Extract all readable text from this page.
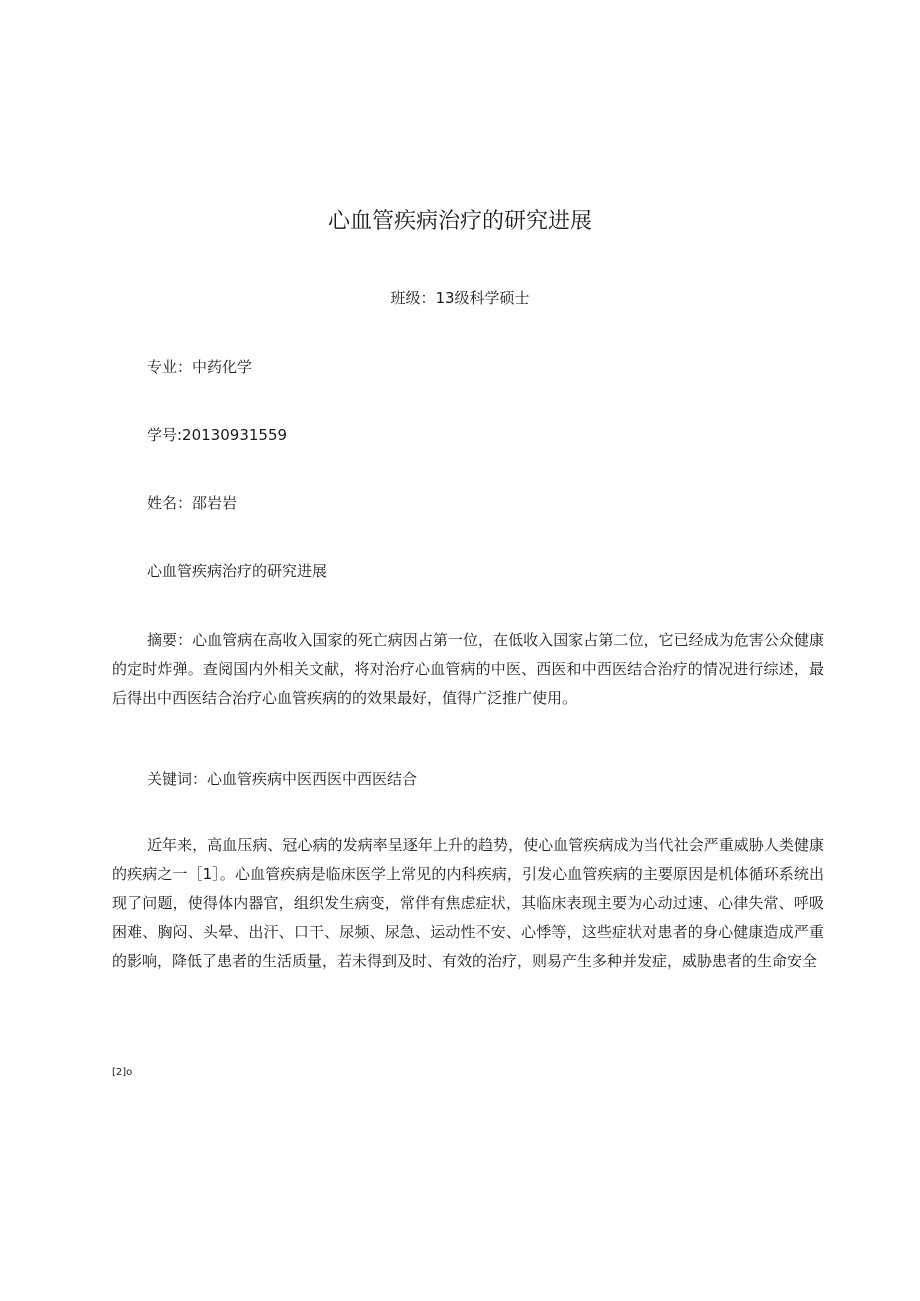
心血管疾病治疗的研究进展
班级：13级科学硕士
专业：中药化学
学号:20130931559
姓名：邵岩岩
心血管疾病治疗的研究进展
摘要：心血管病在高收入国家的死亡病因占第一位，在低收入国家占第二位，它已经成为危害公众健康的定时炸弹。查阅国内外相关文献，将对治疗心血管病的中医、西医和中西医结合治疗的情况进行综述，最后得出中西医结合治疗心血管疾病的的效果最好，值得广泛推广使用。
关键词：心血管疾病中医西医中西医结合
近年来，高血压病、冠心病的发病率呈逐年上升的趋势，使心血管疾病成为当代社会严重威胁人类健康的疾病之一［1］。心血管疾病是临床医学上常见的内科疾病，引发心血管疾病的主要原因是机体循环系统出现了问题，使得体内器官，组织发生病变，常伴有焦虑症状，其临床表现主要为心动过速、心律失常、呼吸困难、胸闷、头晕、出汗、口干、尿频、尿急、运动性不安、心悸等，这些症状对患者的身心健康造成严重的影响，降低了患者的生活质量，若未得到及时、有效的治疗，则易产生多种并发症，威胁患者的生命安全
[2]o
